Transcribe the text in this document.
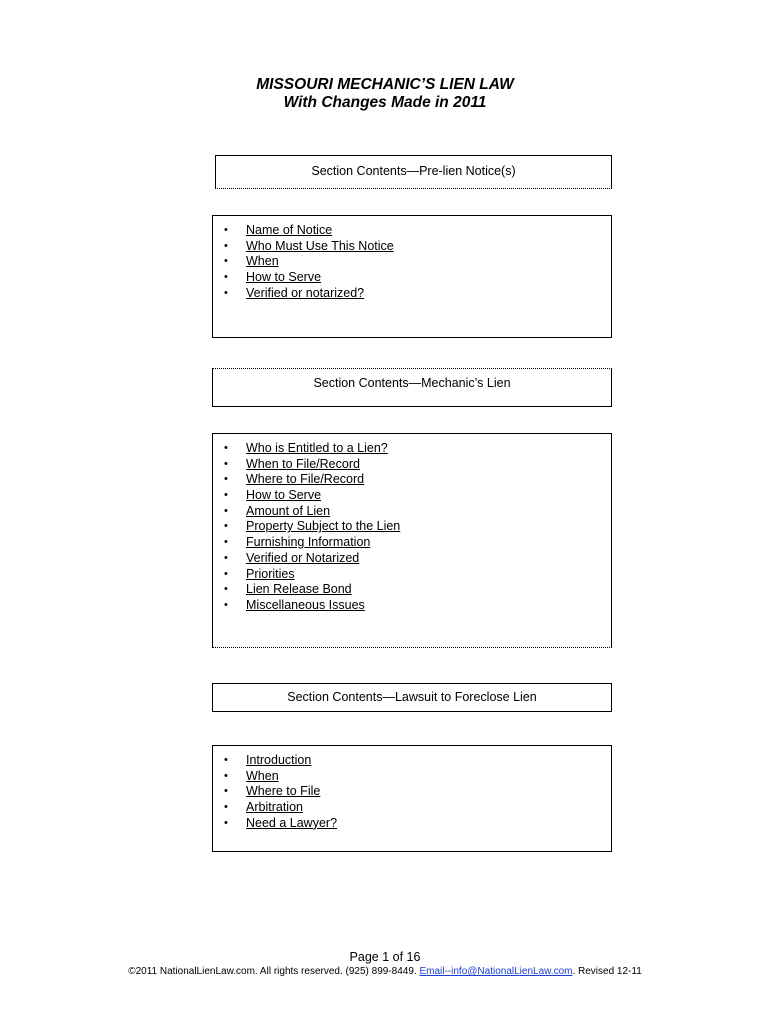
MISSOURI MECHANIC’S LIEN LAW
With Changes Made in 2011
Section Contents—Pre-lien Notice(s)
• Name of Notice
• Who Must Use This Notice
• When
• How to Serve
• Verified or notarized?
Section Contents—Mechanic’s Lien
• Who is Entitled to a Lien?
• When to File/Record
• Where to File/Record
• How to Serve
• Amount of Lien
• Property Subject to the Lien
• Furnishing Information
• Verified or Notarized
• Priorities
• Lien Release Bond
• Miscellaneous Issues
Section Contents—Lawsuit to Foreclose Lien
• Introduction
• When
• Where to File
• Arbitration
• Need a Lawyer?
Page 1 of 16
©2011 NationalLienLaw.com. All rights reserved. (925) 899-8449. Email--info@NationalLienLaw.com. Revised 12-11
